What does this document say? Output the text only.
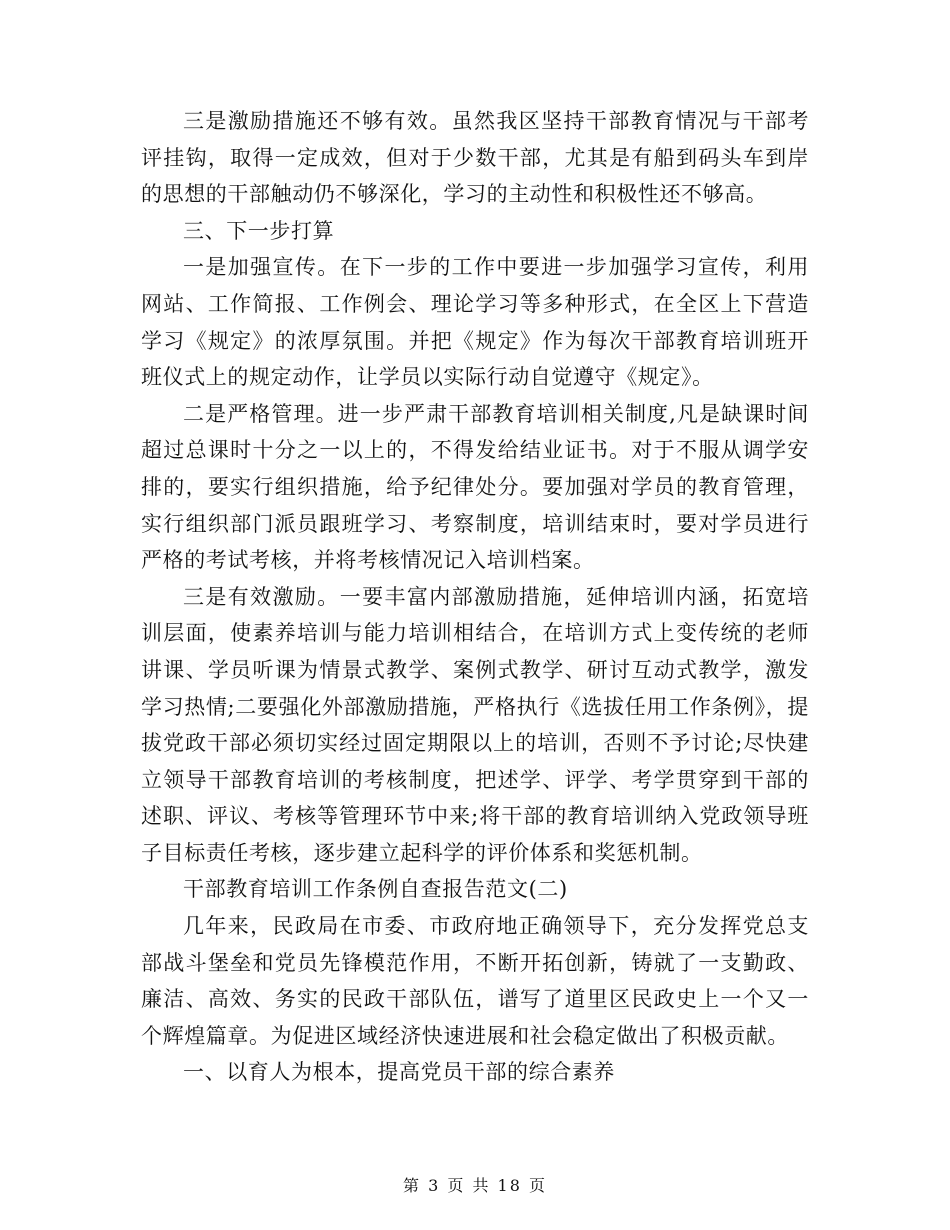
三是激励措施还不够有效。虽然我区坚持干部教育情况与干部考评挂钩，取得一定成效，但对于少数干部，尤其是有船到码头车到岸的思想的干部触动仍不够深化，学习的主动性和积极性还不够高。

三、下一步打算

一是加强宣传。在下一步的工作中要进一步加强学习宣传，利用网站、工作简报、工作例会、理论学习等多种形式，在全区上下营造学习《规定》的浓厚氛围。并把《规定》作为每次干部教育培训班开班仪式上的规定动作，让学员以实际行动自觉遵守《规定》。

二是严格管理。进一步严肃干部教育培训相关制度,凡是缺课时间超过总课时十分之一以上的，不得发给结业证书。对于不服从调学安排的，要实行组织措施，给予纪律处分。要加强对学员的教育管理，实行组织部门派员跟班学习、考察制度，培训结束时，要对学员进行严格的考试考核，并将考核情况记入培训档案。

三是有效激励。一要丰富内部激励措施，延伸培训内涵，拓宽培训层面，使素养培训与能力培训相结合，在培训方式上变传统的老师讲课、学员听课为情景式教学、案例式教学、研讨互动式教学，激发学习热情;二要强化外部激励措施，严格执行《选拔任用工作条例》，提拔党政干部必须切实经过固定期限以上的培训，否则不予讨论;尽快建立领导干部教育培训的考核制度，把述学、评学、考学贯穿到干部的述职、评议、考核等管理环节中来;将干部的教育培训纳入党政领导班子目标责任考核，逐步建立起科学的评价体系和奖惩机制。

干部教育培训工作条例自查报告范文(二)

几年来，民政局在市委、市政府地正确领导下，充分发挥党总支部战斗堡垒和党员先锋模范作用，不断开拓创新，铸就了一支勤政、廉洁、高效、务实的民政干部队伍，谱写了道里区民政史上一个又一个辉煌篇章。为促进区域经济快速进展和社会稳定做出了积极贡献。

一、以育人为根本，提高党员干部的综合素养

第 3 页 共 18 页
